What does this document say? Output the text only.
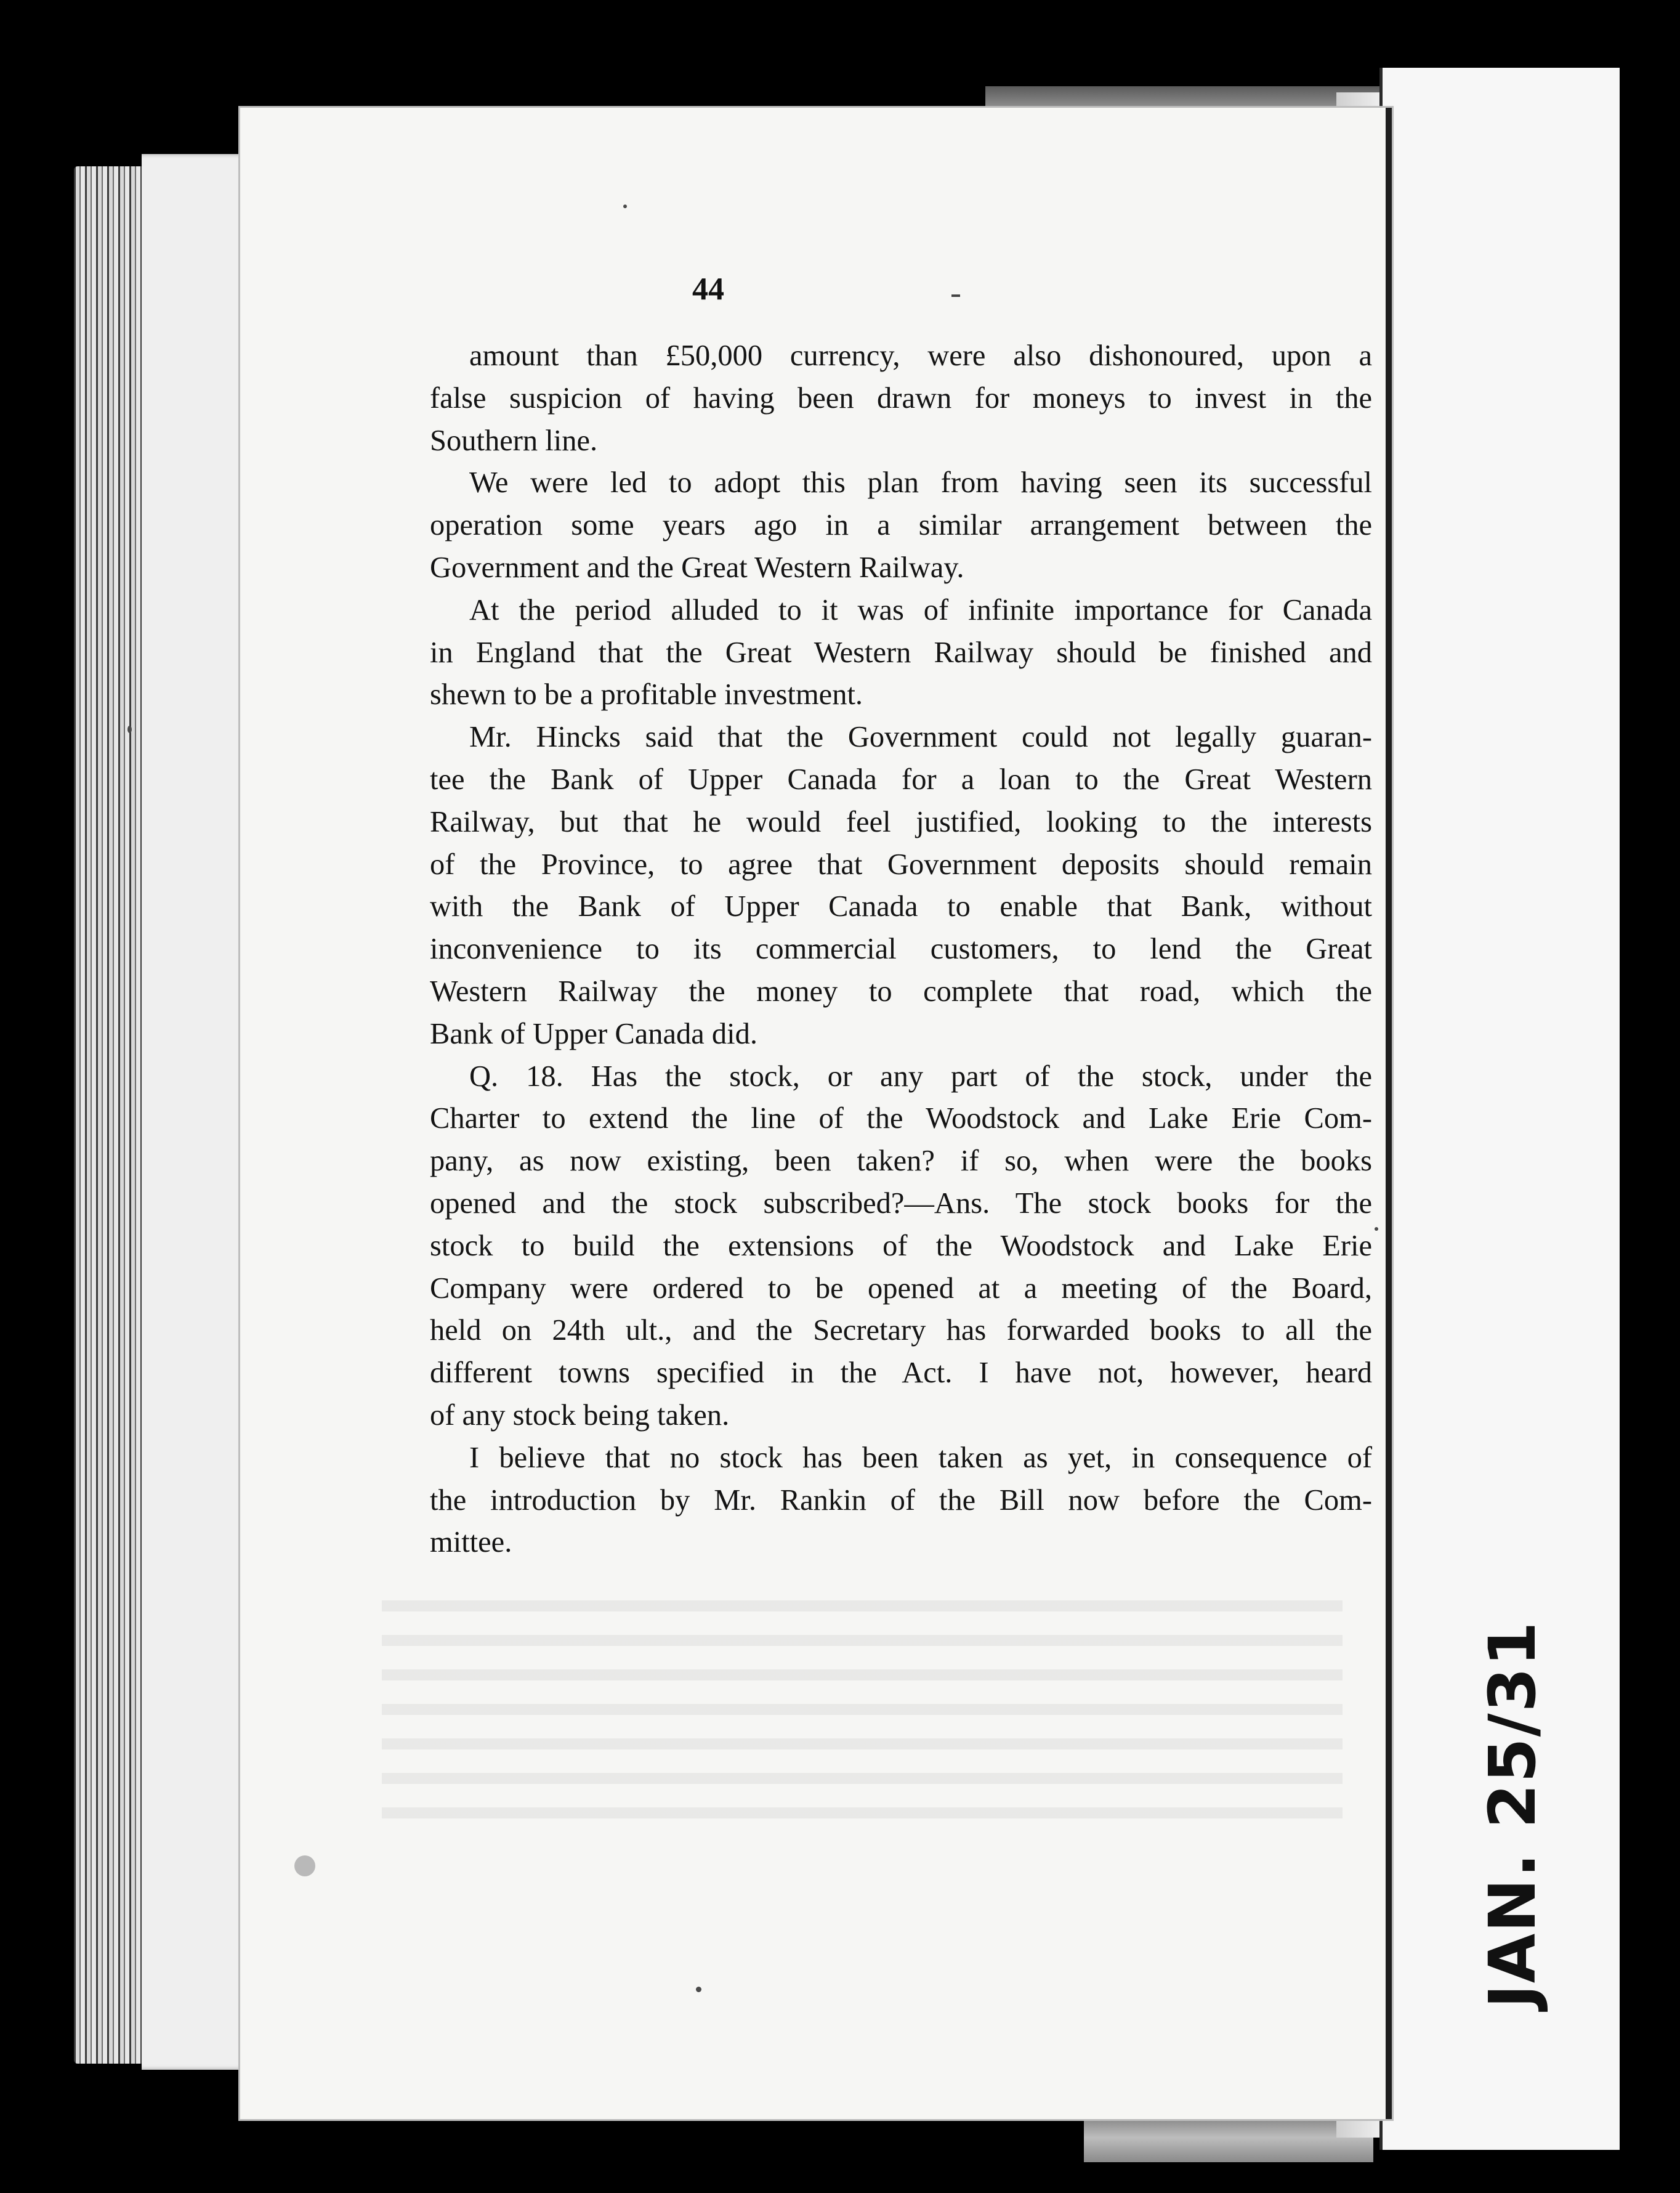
JAN. 25/31
44
amount than £50,000 currency, were also dishonoured, upon a
false suspicion of having been drawn for moneys to invest in the
Southern line.
We were led to adopt this plan from having seen its successful
operation some years ago in a similar arrangement between the
Government and the Great Western Railway.
At the period alluded to it was of infinite importance for Canada
in England that the Great Western Railway should be finished and
shewn to be a profitable investment.
Mr. Hincks said that the Government could not legally guaran-
tee the Bank of Upper Canada for a loan to the Great Western
Railway, but that he would feel justified, looking to the interests
of the Province, to agree that Government deposits should remain
with the Bank of Upper Canada to enable that Bank, without
inconvenience to its commercial customers, to lend the Great
Western Railway the money to complete that road, which the
Bank of Upper Canada did.
Q. 18. Has the stock, or any part of the stock, under the
Charter to extend the line of the Woodstock and Lake Erie Com-
pany, as now existing, been taken? if so, when were the books
opened and the stock subscribed?—Ans. The stock books for the
stock to build the extensions of the Woodstock and Lake Erie
Company were ordered to be opened at a meeting of the Board,
held on 24th ult., and the Secretary has forwarded books to all the
different towns specified in the Act. I have not, however, heard
of any stock being taken.
I believe that no stock has been taken as yet, in consequence of
the introduction by Mr. Rankin of the Bill now before the Com-
mittee.
